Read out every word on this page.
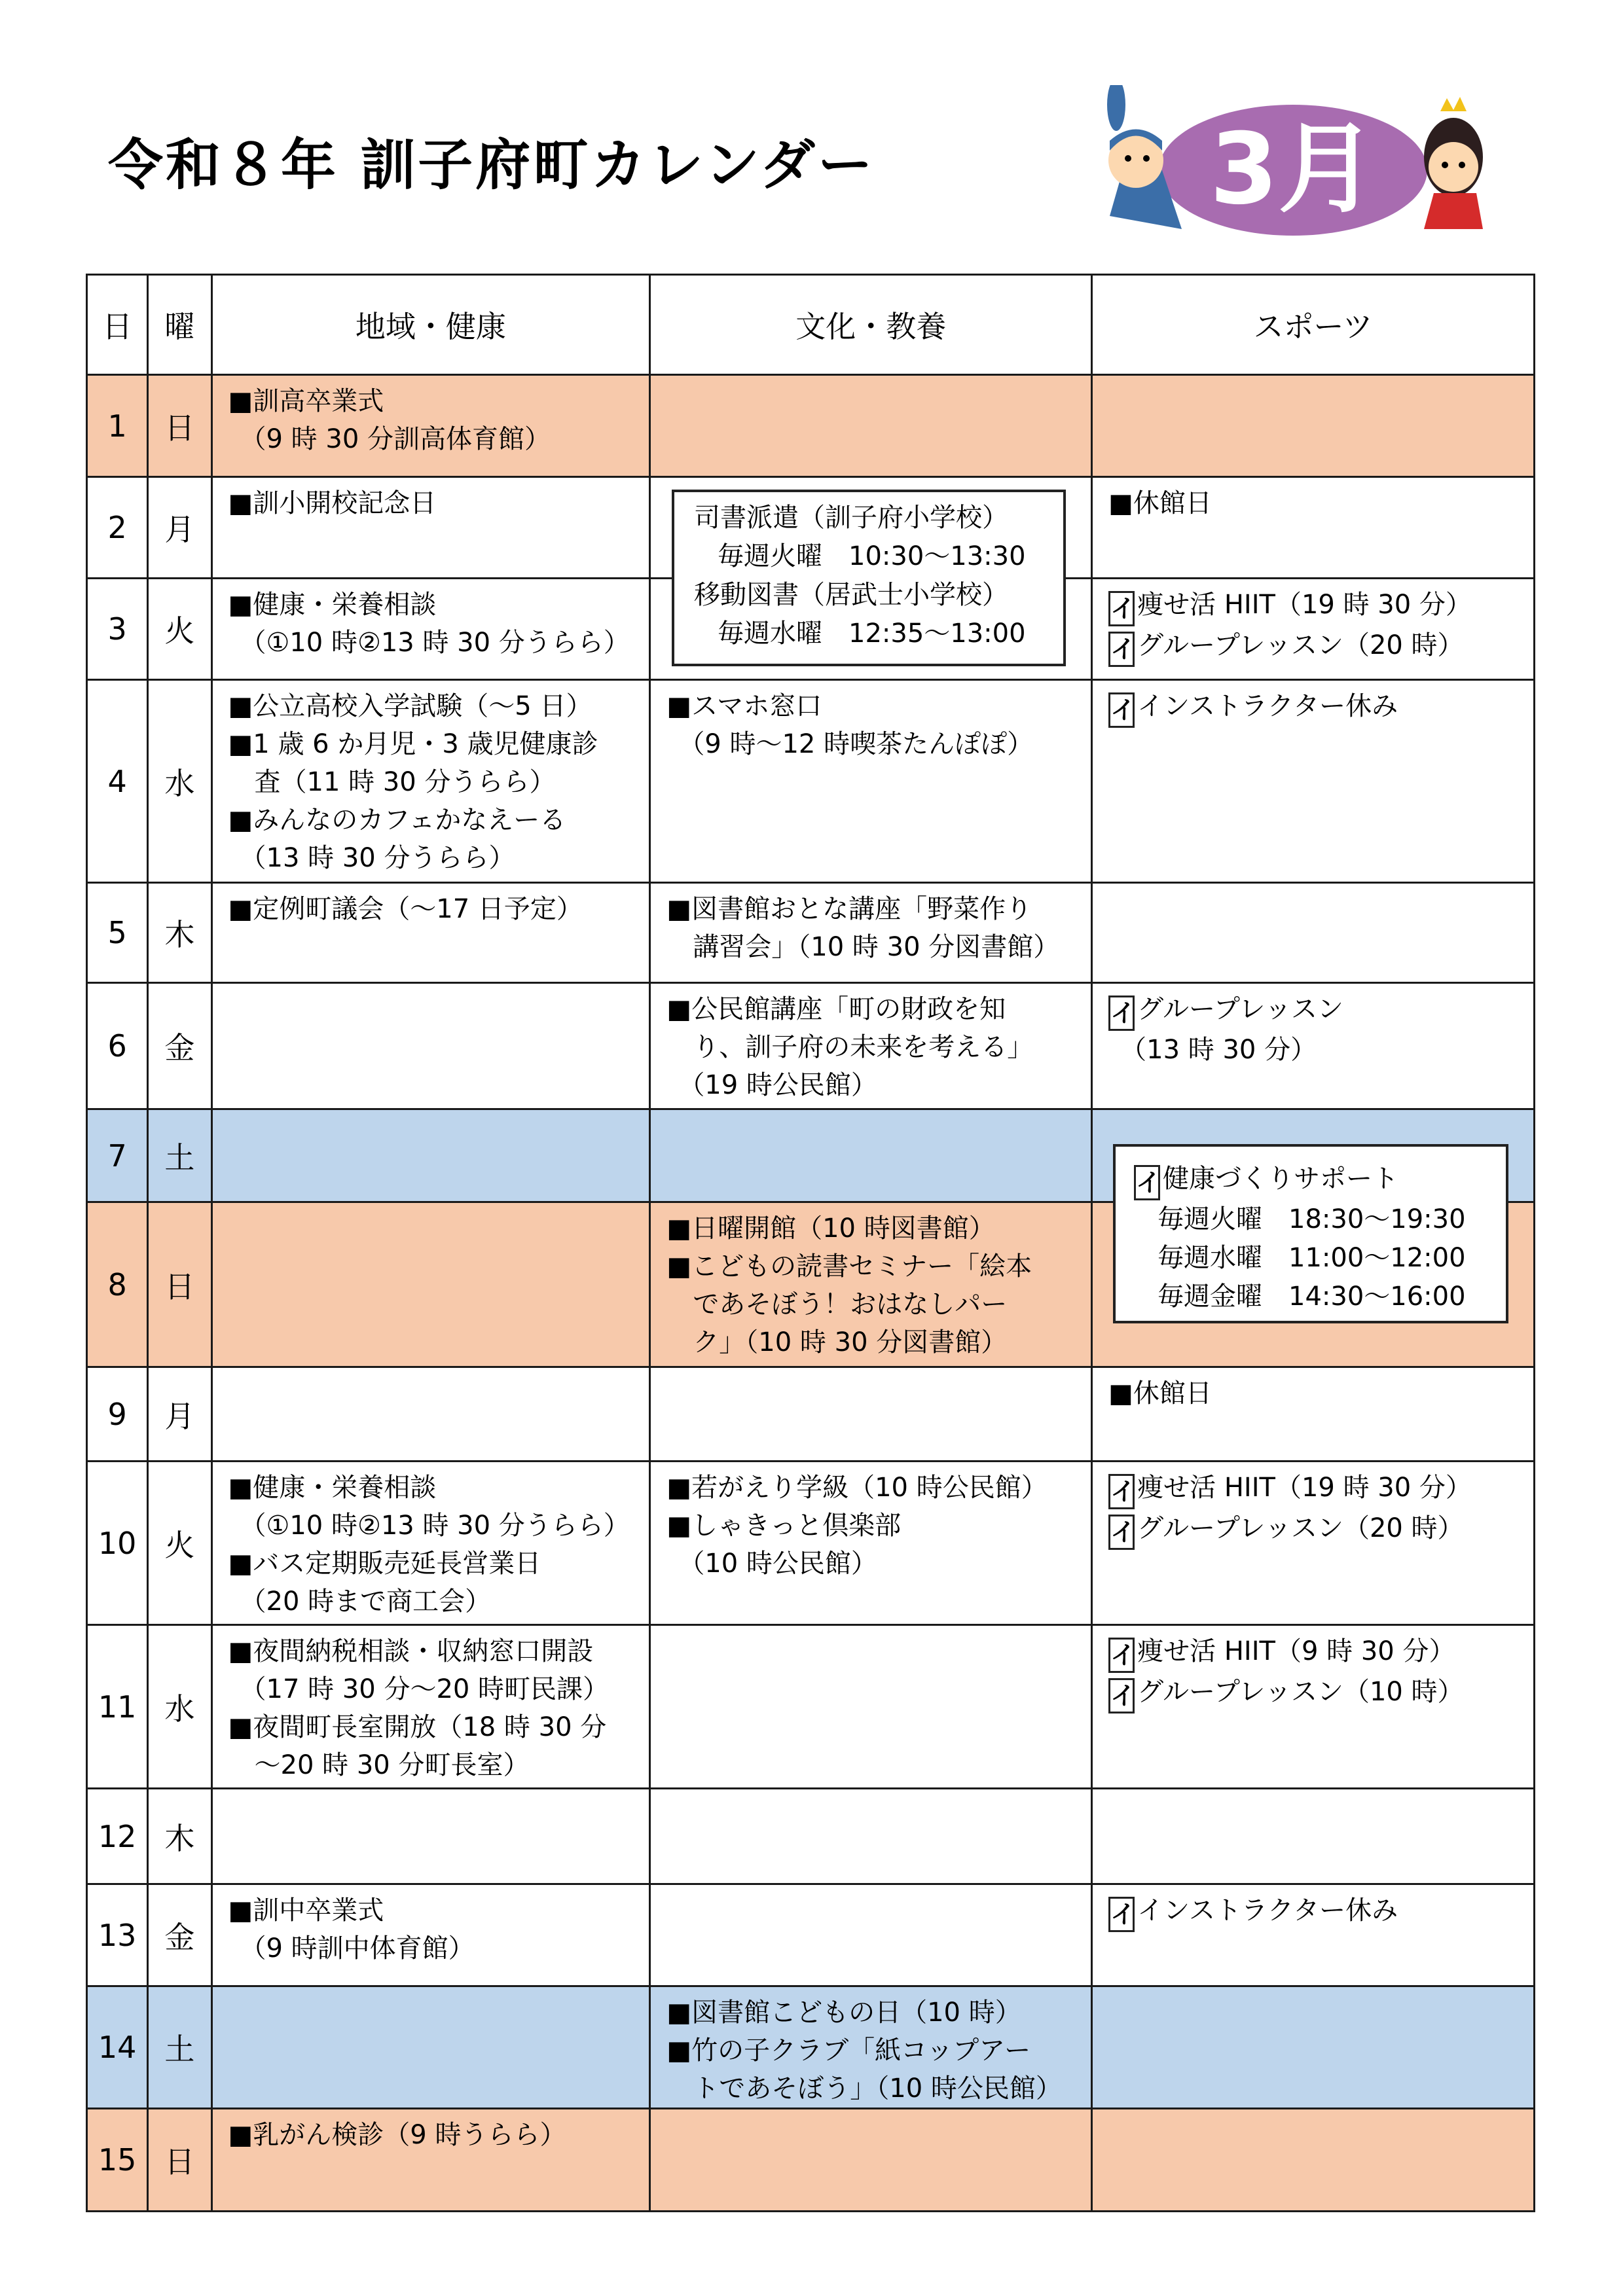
令和８年 訓子府町カレンダー	3月
日	曜	地域・健康	文化・教養	スポーツ
1	日	■訓高卒業式
（9 時 30 分訓高体育館）		

2	月	■訓小開校記念日		■休館日

3	火	■健康・栄養相談
（①10 時②13 時 30 分うらら）		イ痩せ活 HIIT（19 時 30 分）
イグループレッスン（20 時）

4	水	■公立高校入学試験（～5 日）
■1 歳 6 か月児・3 歳児健康診
査（11 時 30 分うらら）
■みんなのカフェかなえーる
（13 時 30 分うらら）	■スマホ窓口
（9 時～12 時喫茶たんぽぽ）	イインストラクター休み

5	木	■定例町議会（～17 日予定）	■図書館おとな講座「野菜作り
講習会」（10 時 30 分図書館）	

6	金		■公民館講座「町の財政を知
り、訓子府の未来を考える」
（19 時公民館）	イグループレッスン
（13 時 30 分）

7	土	

8	日		■日曜開館（10 時図書館）
■こどもの読書セミナー「絵本
であそぼう！おはなしパー
ク」（10 時 30 分図書館）	

9	月			■休館日

10	火	■健康・栄養相談
（①10 時②13 時 30 分うらら）
■バス定期販売延長営業日
（20 時まで商工会）	■若がえり学級（10 時公民館）
■しゃきっと倶楽部
（10 時公民館）	イ痩せ活 HIIT（19 時 30 分）
イグループレッスン（20 時）

11	水	■夜間納税相談・収納窓口開設
（17 時 30 分～20 時町民課）
■夜間町長室開放（18 時 30 分
～20 時 30 分町長室）		イ痩せ活 HIIT（9 時 30 分）
イグループレッスン（10 時）

12	木	

13	金	■訓中卒業式
（9 時訓中体育館）		イインストラクター休み

14	土		■図書館こどもの日（10 時）
■竹の子クラブ「紙コップアー
トであそぼう」（10 時公民館）	

15	日	■乳がん検診（9 時うらら）		

司書派遣（訓子府小学校）
毎週火曜　10:30～13:30
移動図書（居武士小学校）
毎週水曜　12:35～13:00
イ健康づくりサポート
毎週火曜　18:30～19:30
毎週水曜　11:00～12:00
毎週金曜　14:30～16:00
